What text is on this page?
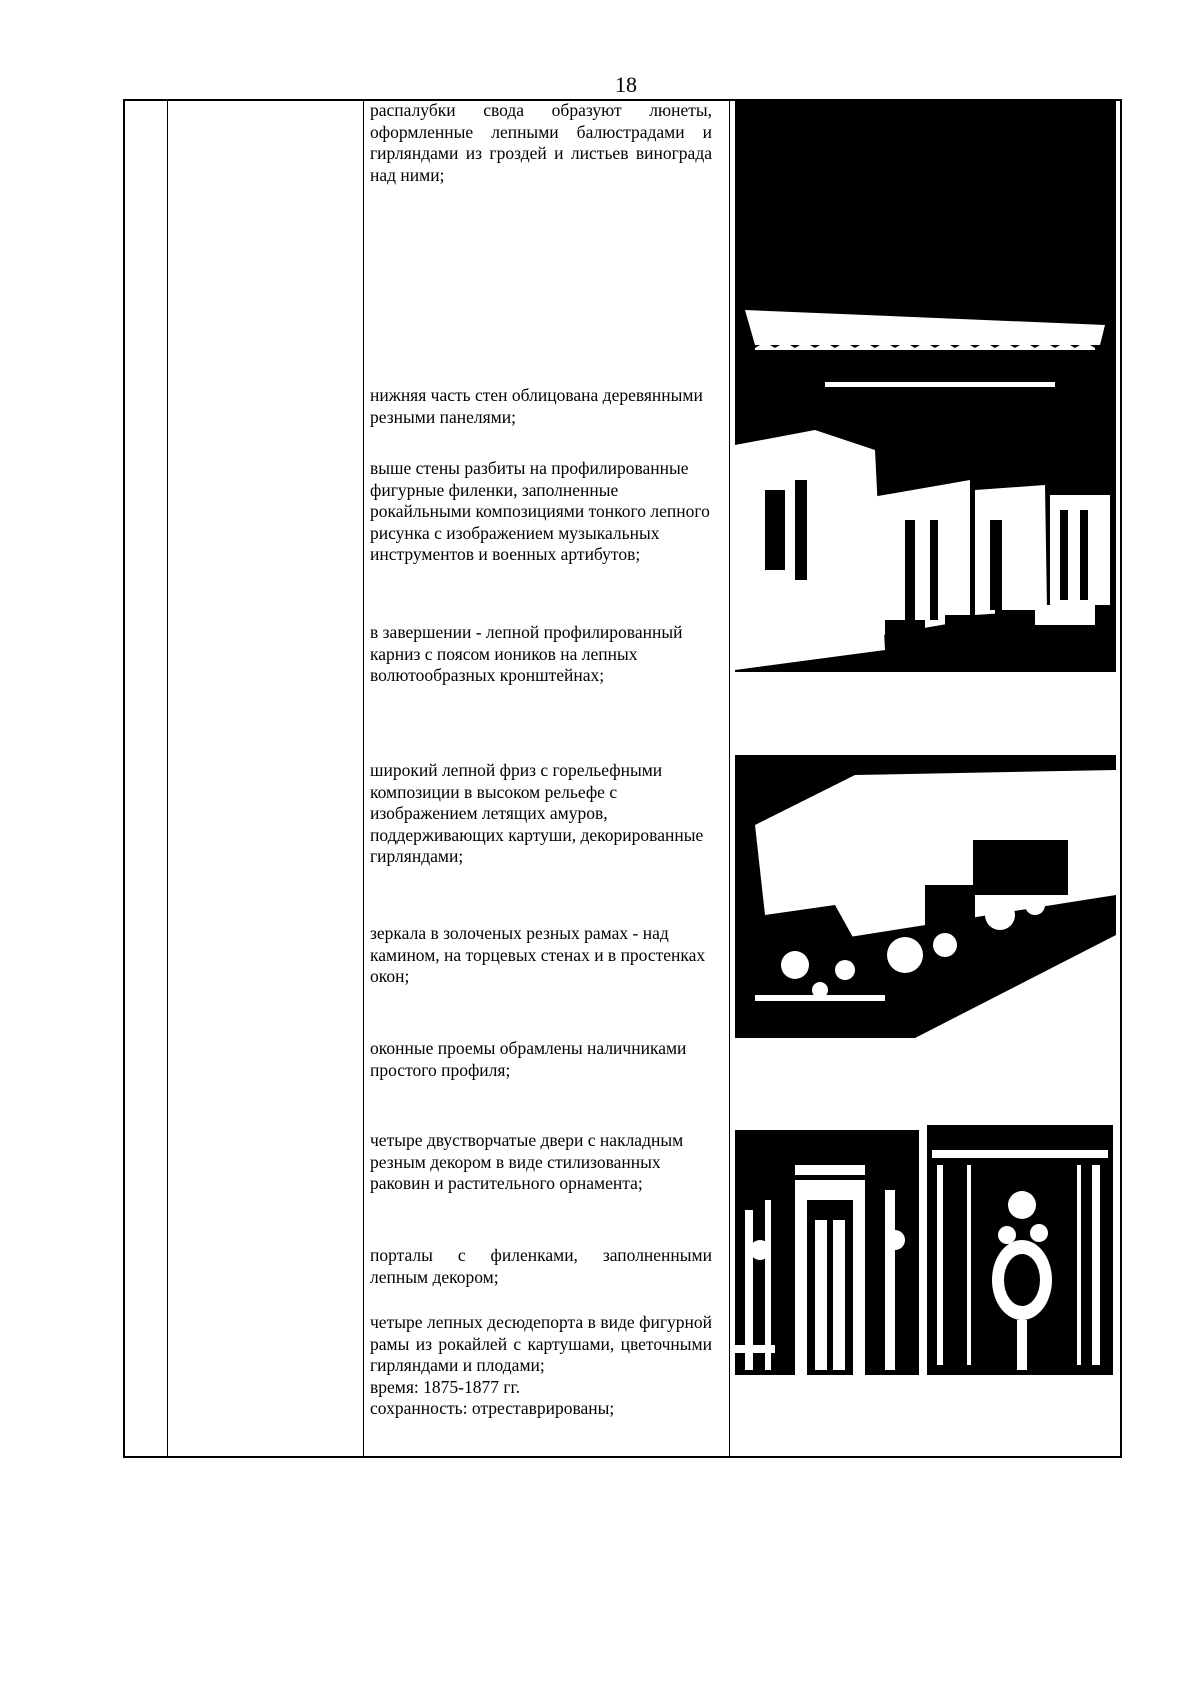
18

распалубки свода образуют люнеты, оформленные лепными балюстрадами и гирляндами из гроздей и листьев винограда над ними;

нижняя часть стен облицована деревянными резными панелями;

выше стены разбиты на профилированные фигурные филенки, заполненные рокайльными композициями тонкого лепного рисунка с изображением музыкальных инструментов и военных артибутов;

в завершении - лепной профилированный карниз с поясом иоников на лепных волютообразных кронштейнах;

широкий лепной фриз с горельефными композиции в высоком рельефе с изображением летящих амуров, поддерживающих картуши, декорированные гирляндами;

зеркала в золоченых резных рамах - над камином, на торцевых стенах и в простенках окон;

оконные проемы обрамлены наличниками простого профиля;

четыре двустворчатые двери с накладным резным декором в виде стилизованных раковин и растительного орнамента;

порталы с филенками, заполненными лепным декором;

четыре лепных десюдепорта в виде фигурной рамы из рокайлей с картушами, цветочными гирляндами и плодами;

время: 1875-1877 гг.

сохранность: отреставрированы;
